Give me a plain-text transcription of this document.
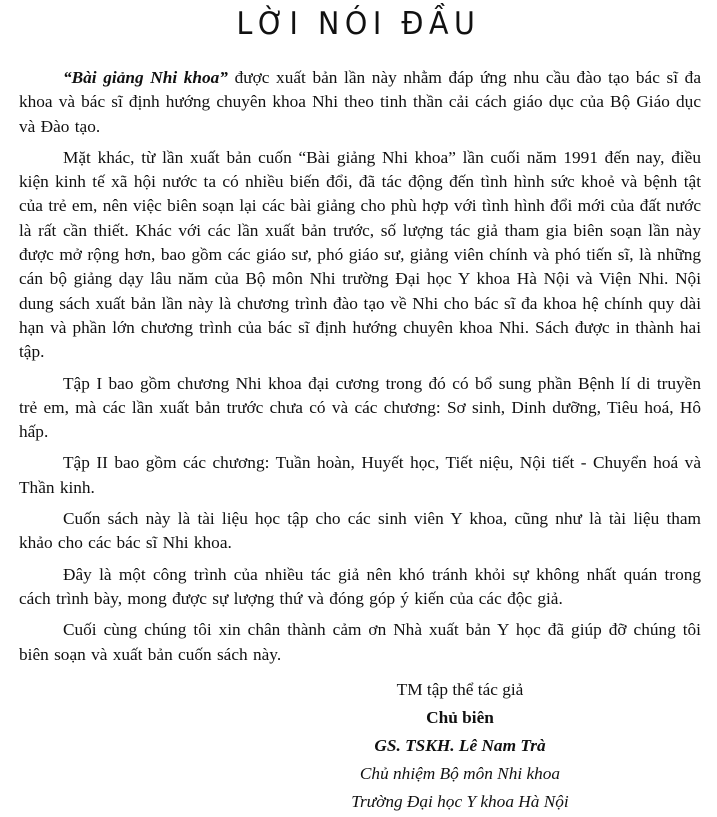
LỜI NÓI ĐẦU

“Bài giảng Nhi khoa” được xuất bản lần này nhằm đáp ứng nhu cầu đào tạo bác sĩ đa khoa và bác sĩ định hướng chuyên khoa Nhi theo tinh thần cải cách giáo dục của Bộ Giáo dục và Đào tạo.

Mặt khác, từ lần xuất bản cuốn “Bài giảng Nhi khoa” lần cuối năm 1991 đến nay, điều kiện kinh tế xã hội nước ta có nhiều biến đổi, đã tác động đến tình hình sức khoẻ và bệnh tật của trẻ em, nên việc biên soạn lại các bài giảng cho phù hợp với tình hình đổi mới của đất nước là rất cần thiết. Khác với các lần xuất bản trước, số lượng tác giả tham gia biên soạn lần này được mở rộng hơn, bao gồm các giáo sư, phó giáo sư, giảng viên chính và phó tiến sĩ, là những cán bộ giảng dạy lâu năm của Bộ môn Nhi trường Đại học Y khoa Hà Nội và Viện Nhi. Nội dung sách xuất bản lần này là chương trình đào tạo về Nhi cho bác sĩ đa khoa hệ chính quy dài hạn và phần lớn chương trình của bác sĩ định hướng chuyên khoa Nhi. Sách được in thành hai tập.

Tập I bao gồm chương Nhi khoa đại cương trong đó có bổ sung phần Bệnh lí di truyền trẻ em, mà các lần xuất bản trước chưa có và các chương: Sơ sinh, Dinh dưỡng, Tiêu hoá, Hô hấp.

Tập II bao gồm các chương: Tuần hoàn, Huyết học, Tiết niệu, Nội tiết - Chuyển hoá và Thần kinh.

Cuốn sách này là tài liệu học tập cho các sinh viên Y khoa, cũng như là tài liệu tham khảo cho các bác sĩ Nhi khoa.

Đây là một công trình của nhiều tác giả nên khó tránh khỏi sự không nhất quán trong cách trình bày, mong được sự lượng thứ và đóng góp ý kiến của các độc giả.

Cuối cùng chúng tôi xin chân thành cảm ơn Nhà xuất bản Y học đã giúp đỡ chúng tôi biên soạn và xuất bản cuốn sách này.

TM tập thể tác giả
Chủ biên
GS. TSKH. Lê Nam Trà
Chủ nhiệm Bộ môn Nhi khoa
Trường Đại học Y khoa Hà Nội
